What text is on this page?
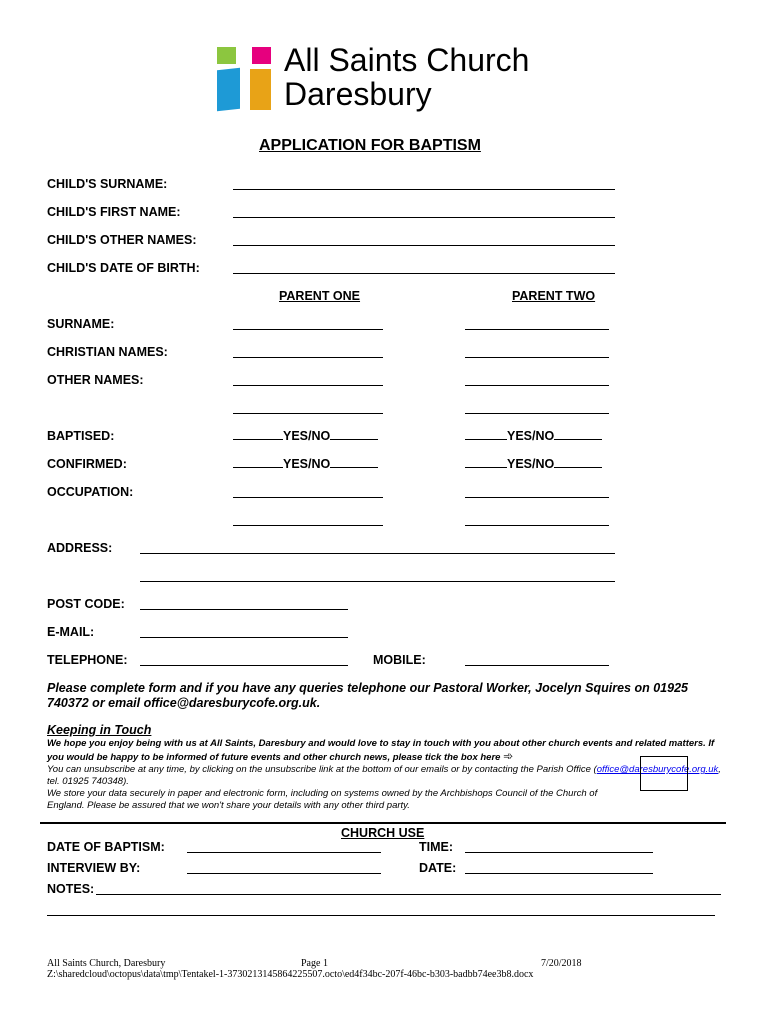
All Saints Church
Daresbury
APPLICATION FOR BAPTISM
CHILD'S SURNAME:
CHILD'S FIRST NAME:
CHILD'S OTHER NAMES:
CHILD'S DATE OF BIRTH:
PARENT ONE	PARENT TWO
SURNAME:
CHRISTIAN NAMES:
OTHER NAMES:
BAPTISED:	YES/NO	YES/NO
CONFIRMED:	YES/NO	YES/NO
OCCUPATION:
ADDRESS:
POST CODE:
E-MAIL:
TELEPHONE:	MOBILE:
Please complete form and if you have any queries telephone our Pastoral Worker, Jocelyn Squires on 01925 740372 or email office@daresburycofe.org.uk.
Keeping in Touch
We hope you enjoy being with us at All Saints, Daresbury and would love to stay in touch with you about other church events and related matters. If you would be happy to be informed of future events and other church news, please tick the box here ➾
You can unsubscribe at any time, by clicking on the unsubscribe link at the bottom of our emails or by contacting the Parish Office (office@daresburycofe.org.uk, tel. 01925 740348).
We store your data securely in paper and electronic form, including on systems owned by the Archbishops Council of the Church of England. Please be assured that we won't share your details with any other third party.
CHURCH USE
DATE OF BAPTISM:	TIME:
INTERVIEW BY:	DATE:
NOTES:
All Saints Church, Daresbury	Page 1	7/20/2018
Z:\sharedcloud\octopus\data\tmp\Tentakel-1-3730213145864225507.octo\ed4f34bc-207f-46bc-b303-badbb74ee3b8.docx
